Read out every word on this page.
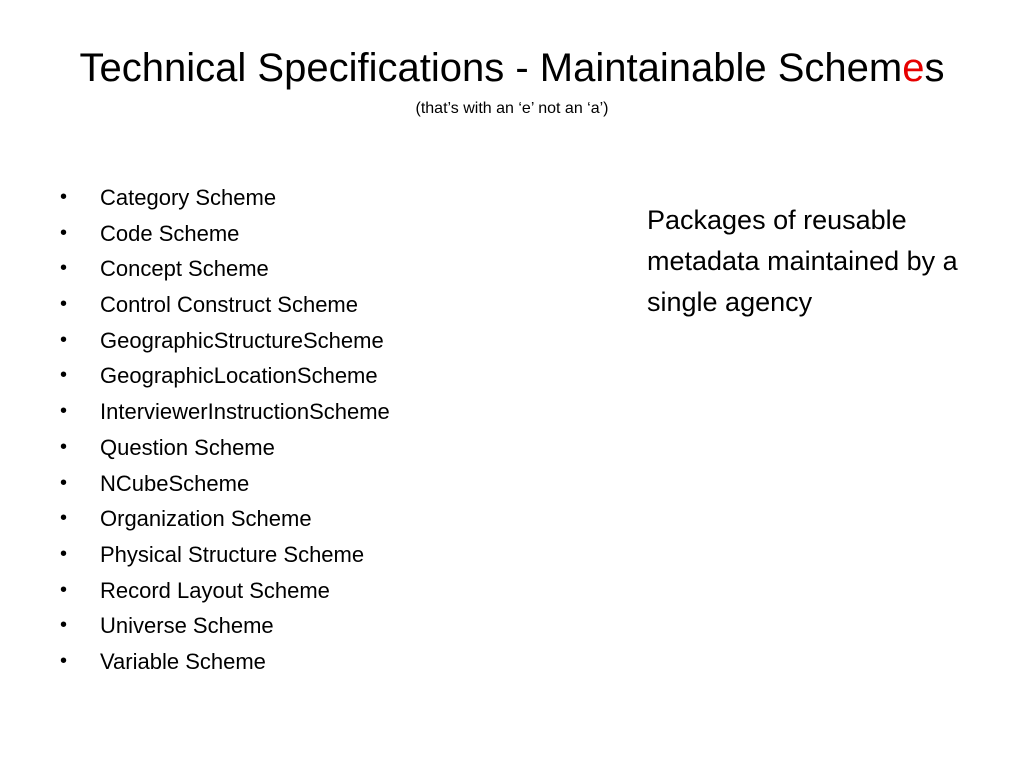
Technical Specifications - Maintainable Schemes
(that’s with an ‘e’ not an ‘a’)
•	Category Scheme
•	Code Scheme
•	Concept Scheme
•	Control Construct Scheme
•	GeographicStructureScheme
•	GeographicLocationScheme
•	InterviewerInstructionScheme
•	Question Scheme
•	NCubeScheme
•	Organization Scheme
•	Physical Structure Scheme
•	Record Layout Scheme
•	Universe Scheme
•	Variable Scheme
Packages of reusable metadata maintained by a single agency
